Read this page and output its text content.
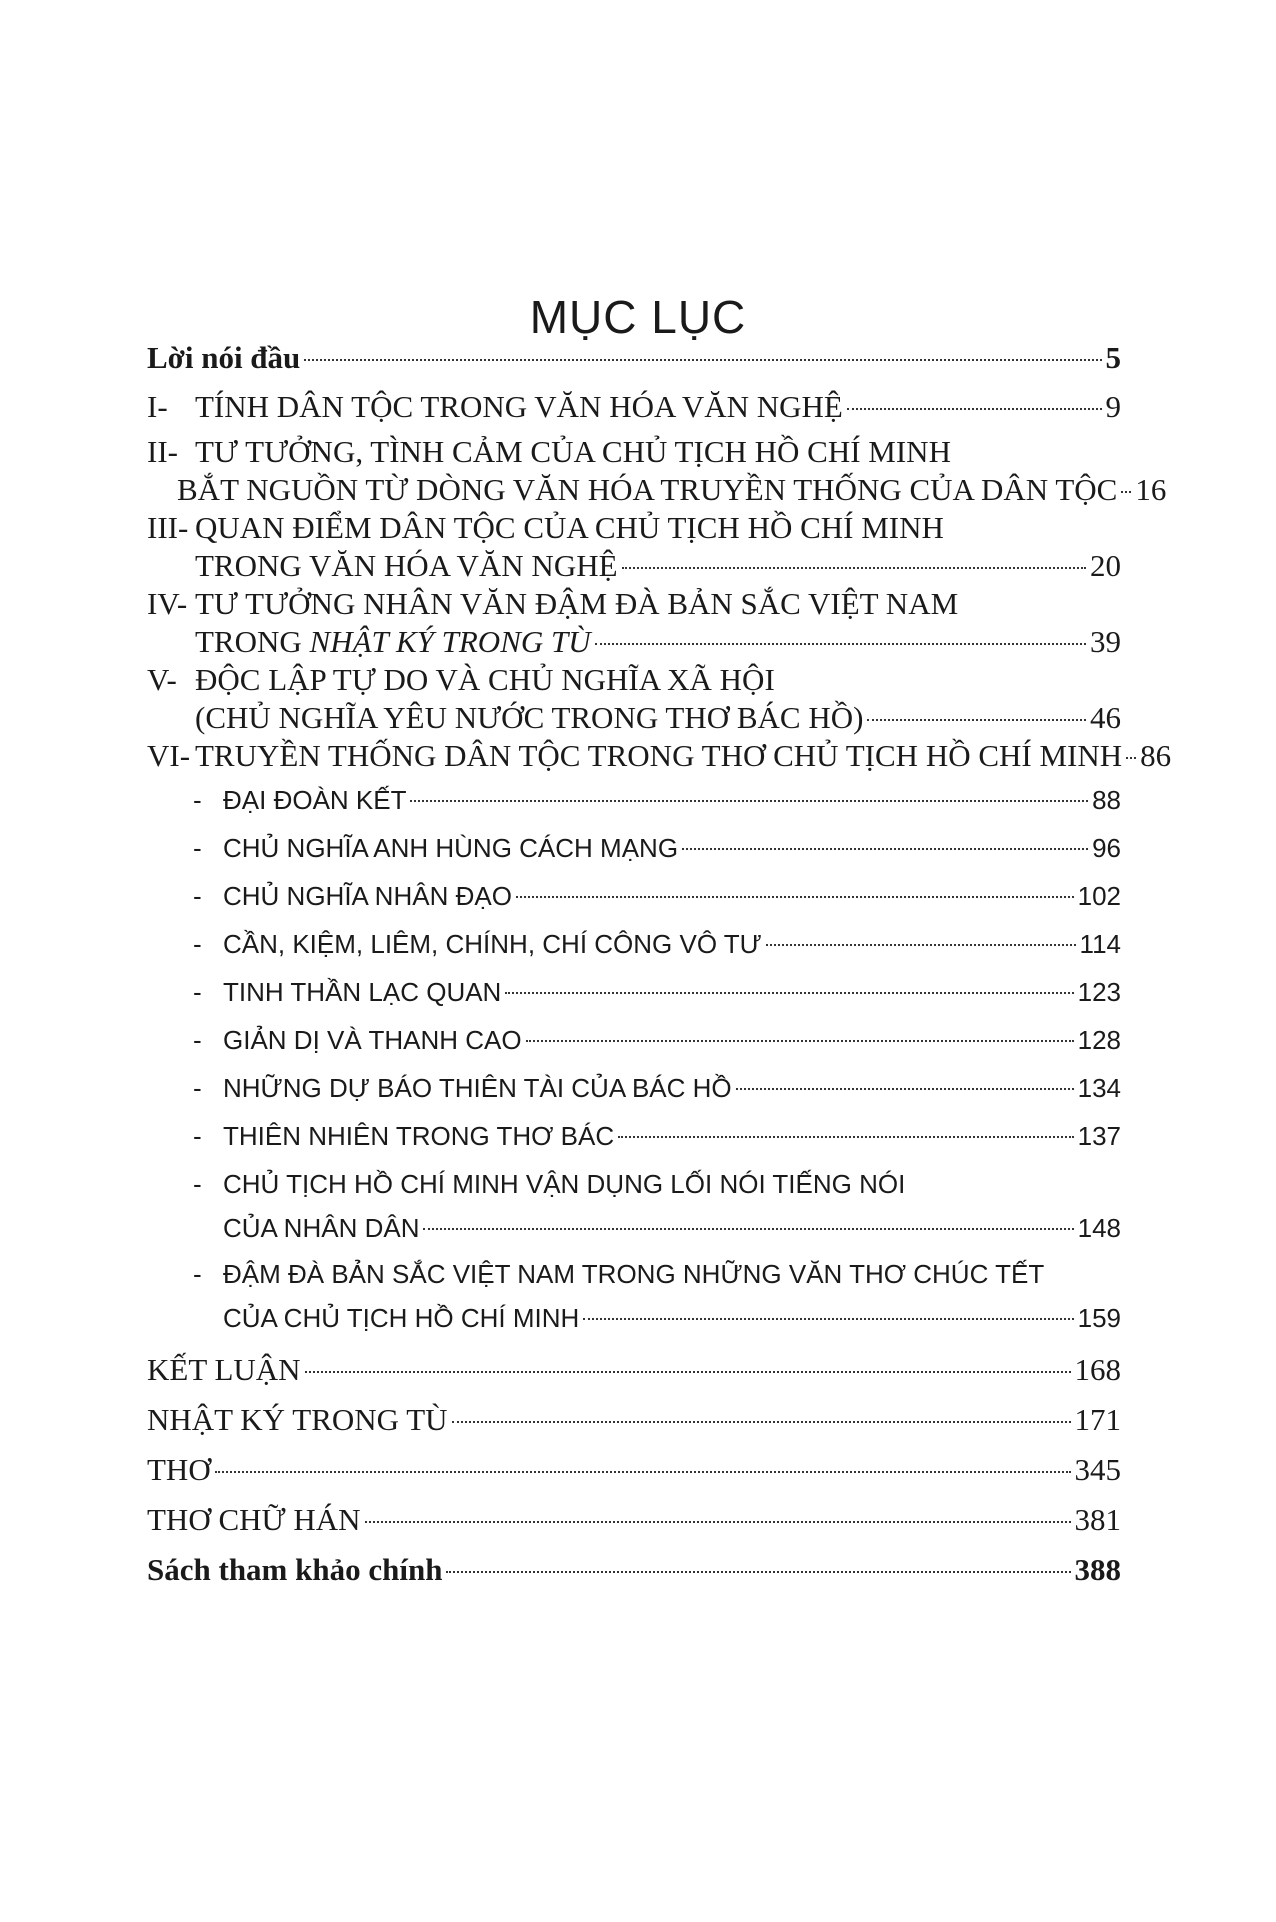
MỤC LỤC
Lời nói đầu	5
I- TÍNH DÂN TỘC TRONG VĂN HÓA VĂN NGHỆ	9
II- TƯ TƯỞNG, TÌNH CẢM CỦA CHỦ TỊCH HỒ CHÍ MINH
BẮT NGUỒN TỪ DÒNG VĂN HÓA TRUYỀN THỐNG CỦA DÂN TỘC 16
III- QUAN ĐIỂM DÂN TỘC CỦA CHỦ TỊCH HỒ CHÍ MINH
TRONG VĂN HÓA VĂN NGHỆ	20
IV- TƯ TƯỞNG NHÂN VĂN ĐẬM ĐÀ BẢN SẮC VIỆT NAM
TRONG NHẬT KÝ TRONG TÙ	39
V- ĐỘC LẬP TỰ DO VÀ CHỦ NGHĨA XÃ HỘI
(CHỦ NGHĨA YÊU NƯỚC TRONG THƠ BÁC HỒ)	46
VI- TRUYỀN THỐNG DÂN TỘC TRONG THƠ CHỦ TỊCH HỒ CHÍ MINH 86
- ĐẠI ĐOÀN KẾT	88
- CHỦ NGHĨA ANH HÙNG CÁCH MẠNG	96
- CHỦ NGHĨA NHÂN ĐẠO	102
- CẦN, KIỆM, LIÊM, CHÍNH, CHÍ CÔNG VÔ TƯ	114
- TINH THẦN LẠC QUAN	123
- GIẢN DỊ VÀ THANH CAO	128
- NHỮNG DỰ BÁO THIÊN TÀI CỦA BÁC HỒ	134
- THIÊN NHIÊN TRONG THƠ BÁC	137
- CHỦ TỊCH HỒ CHÍ MINH VẬN DỤNG LỐI NÓI TIẾNG NÓI
CỦA NHÂN DÂN	148
- ĐẬM ĐÀ BẢN SẮC VIỆT NAM TRONG NHỮNG VĂN THƠ CHÚC TẾT
CỦA CHỦ TỊCH HỒ CHÍ MINH	159
KẾT LUẬN	168
NHẬT KÝ TRONG TÙ	171
THƠ	345
THƠ CHỮ HÁN	381
Sách tham khảo chính	388
